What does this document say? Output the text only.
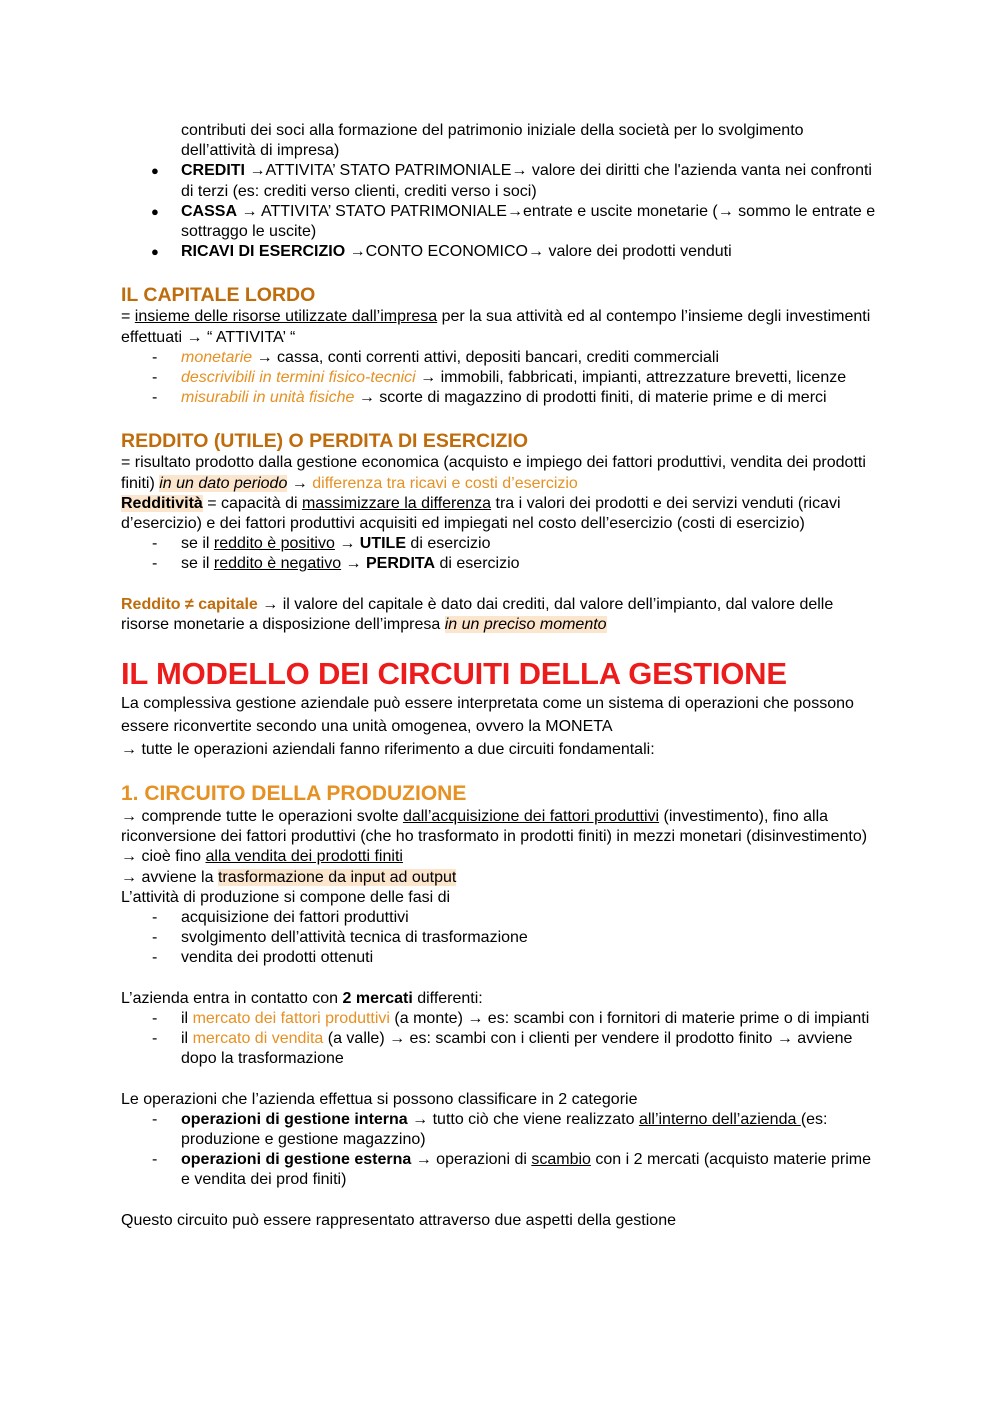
contributi dei soci alla formazione del patrimonio iniziale della società per lo svolgimento dell’attività di impresa)

● CREDITI →ATTIVITA’ STATO PATRIMONIALE→ valore dei diritti che l'azienda vanta nei confronti di terzi (es: crediti verso clienti, crediti verso i soci)
● CASSA → ATTIVITA’ STATO PATRIMONIALE→entrate e uscite monetarie (→ sommo le entrate e sottraggo le uscite)
● RICAVI DI ESERCIZIO →CONTO ECONOMICO→ valore dei prodotti venduti

IL CAPITALE LORDO

= insieme delle risorse utilizzate dall’impresa per la sua attività ed al contempo l’insieme degli investimenti effettuati → “ ATTIVITA’ “

- monetarie → cassa, conti correnti attivi, depositi bancari, crediti commerciali
- descrivibili in termini fisico-tecnici → immobili, fabbricati, impianti, attrezzature brevetti, licenze
- misurabili in unità fisiche → scorte di magazzino di prodotti finiti, di materie prime e di merci

REDDITO (UTILE) O PERDITA DI ESERCIZIO

= risultato prodotto dalla gestione economica (acquisto e impiego dei fattori produttivi, vendita dei prodotti finiti) in un dato periodo → differenza tra ricavi e costi d’esercizio

Redditività = capacità di massimizzare la differenza tra i valori dei prodotti e dei servizi venduti (ricavi d’esercizio) e dei fattori produttivi acquisiti ed impiegati nel costo dell’esercizio (costi di esercizio)

- se il reddito è positivo → UTILE di esercizio
- se il reddito è negativo → PERDITA di esercizio

Reddito ≠ capitale → il valore del capitale è dato dai crediti, dal valore dell’impianto, dal valore delle risorse monetarie a disposizione dell’impresa in un preciso momento

IL MODELLO DEI CIRCUITI DELLA GESTIONE

La complessiva gestione aziendale può essere interpretata come un sistema di operazioni che possono essere riconvertite secondo una unità omogenea, ovvero la MONETA

→ tutte le operazioni aziendali fanno riferimento a due circuiti fondamentali:

1. CIRCUITO DELLA PRODUZIONE

→ comprende tutte le operazioni svolte dall’acquisizione dei fattori produttivi (investimento), fino alla riconversione dei fattori produttivi (che ho trasformato in prodotti finiti) in mezzi monetari (disinvestimento) → cioè fino alla vendita dei prodotti finiti

→ avviene la trasformazione da input ad output

L’attività di produzione si compone delle fasi di

- acquisizione dei fattori produttivi
- svolgimento dell’attività tecnica di trasformazione
- vendita dei prodotti ottenuti

L’azienda entra in contatto con 2 mercati differenti:

- il mercato dei fattori produttivi (a monte) → es: scambi con i fornitori di materie prime o di impianti
- il mercato di vendita (a valle) → es: scambi con i clienti per vendere il prodotto finito → avviene dopo la trasformazione

Le operazioni che l’azienda effettua si possono classificare in 2 categorie

- operazioni di gestione interna → tutto ciò che viene realizzato all’interno dell’azienda (es: produzione e gestione magazzino)
- operazioni di gestione esterna → operazioni di scambio con i 2 mercati (acquisto materie prime e vendita dei prod finiti)

Questo circuito può essere rappresentato attraverso due aspetti della gestione
